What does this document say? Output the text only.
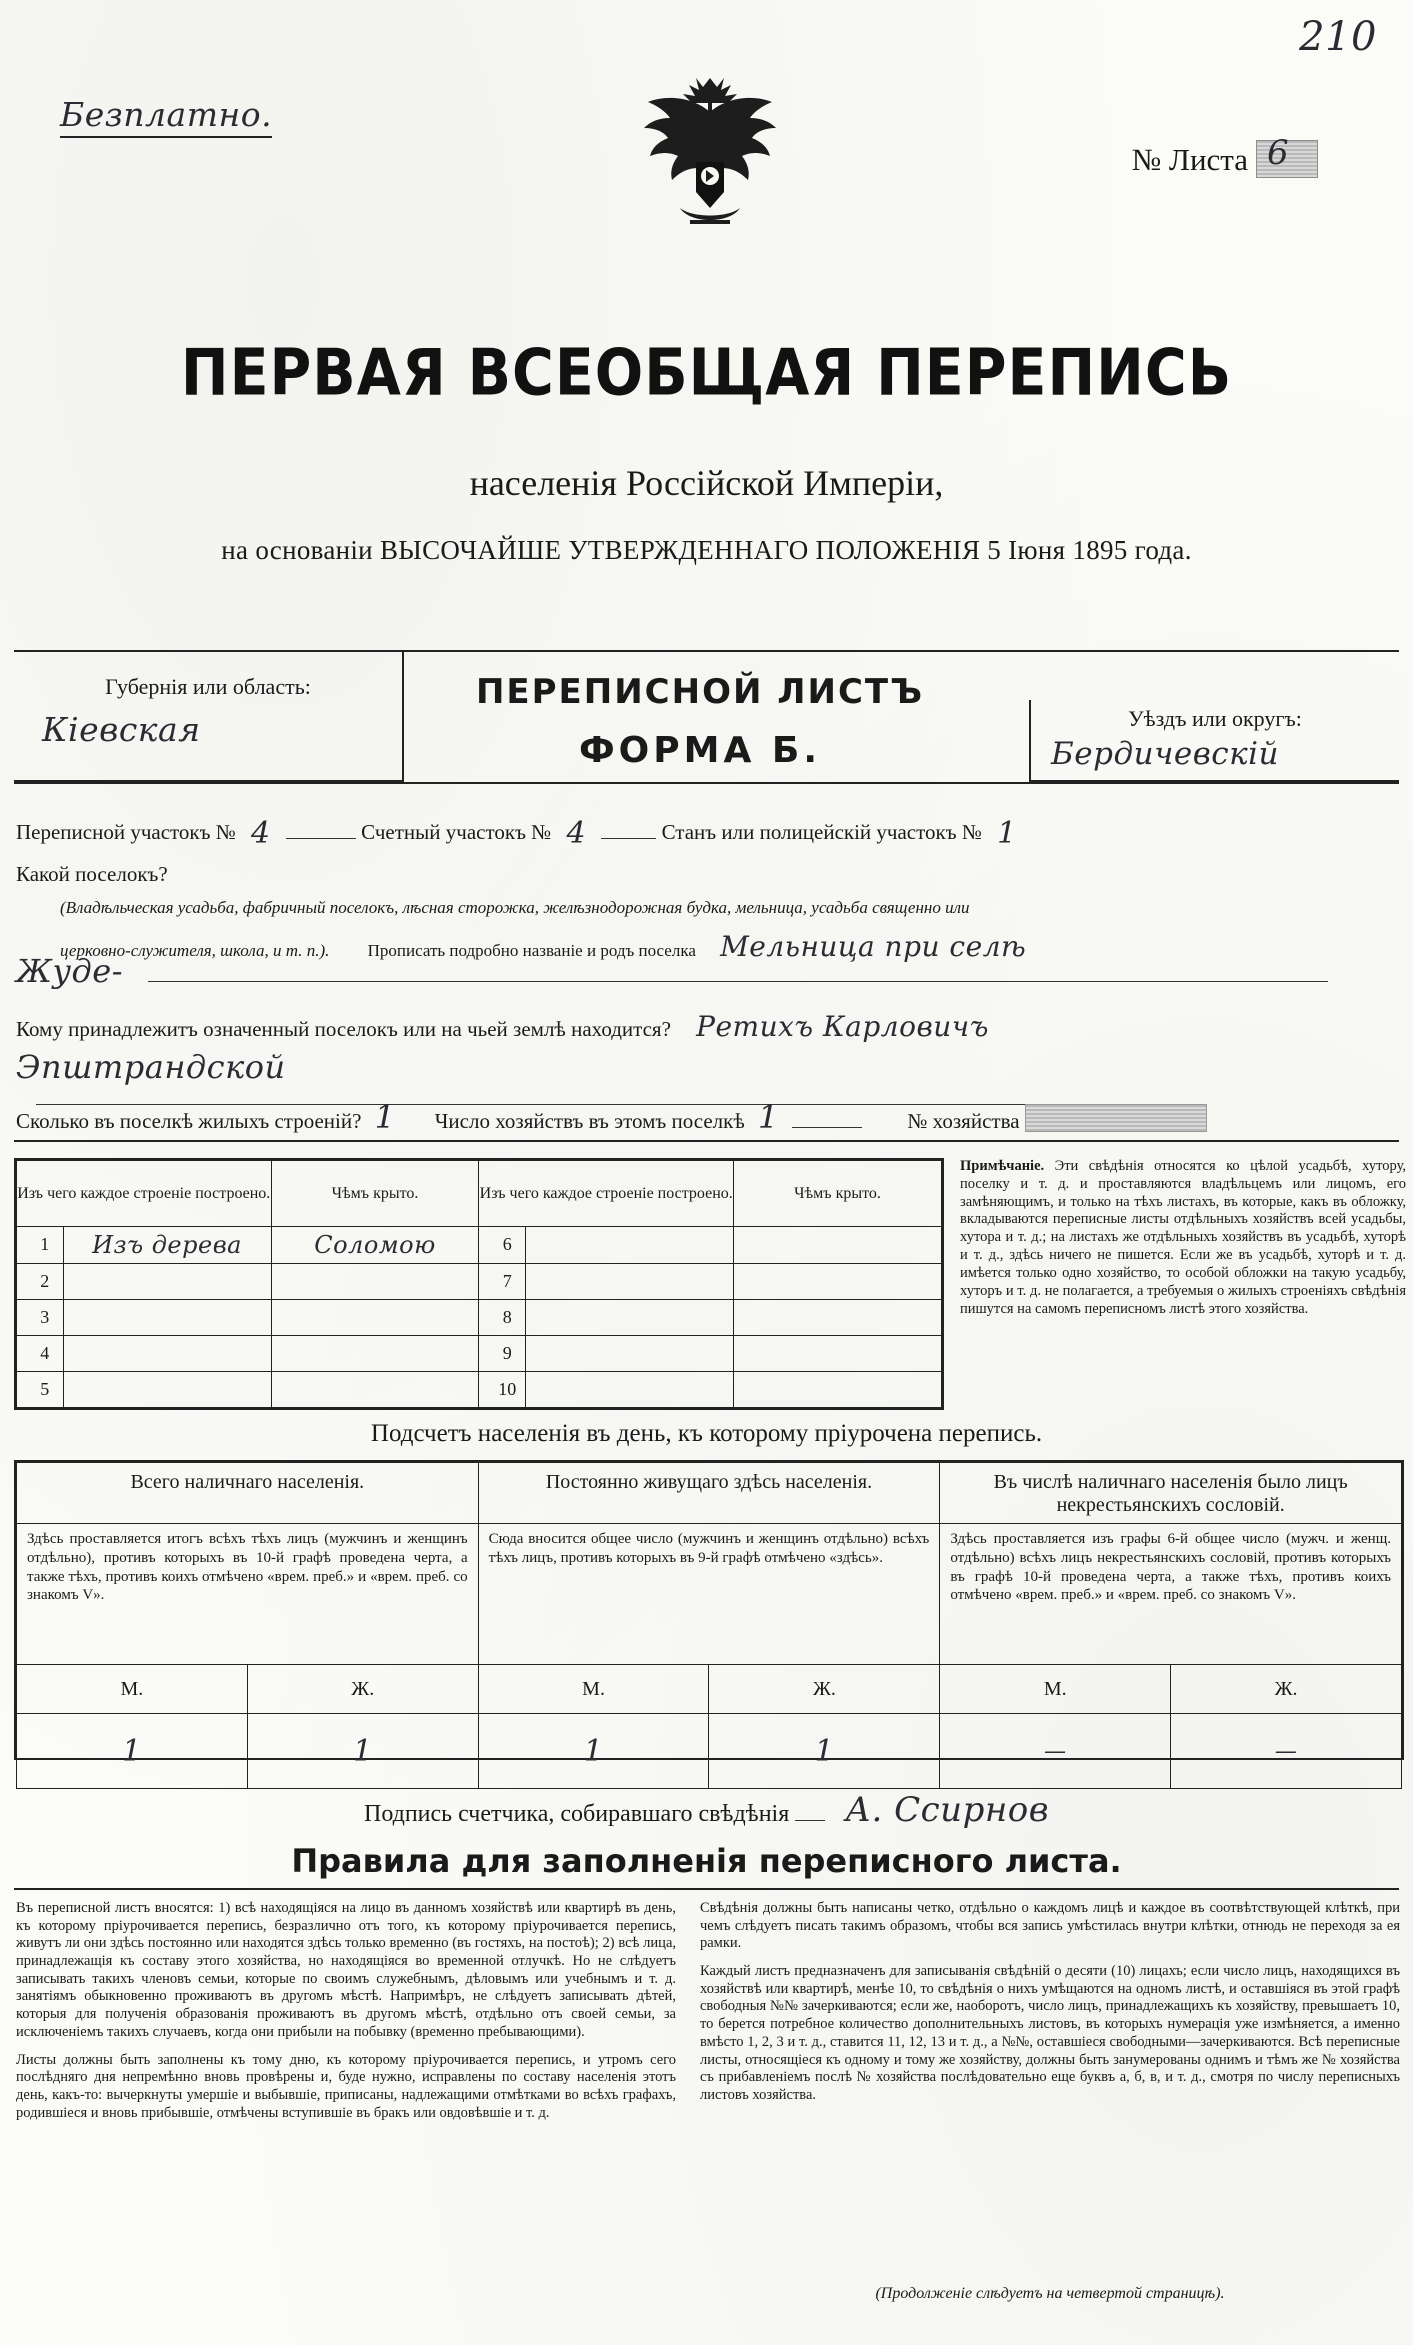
210
Безплатно.
№ Листа 6
ПЕРВАЯ ВСЕОБЩАЯ ПЕРЕПИСЬ
населенія Россійской Имперіи,
на основаніи ВЫСОЧАЙШЕ УТВЕРЖДЕННАГО ПОЛОЖЕНІЯ 5 Іюня 1895 года.
Губернія или область:
Кіевская
ПЕРЕПИСНОЙ ЛИСТЪ
ФОРМА Б.
Уѣздъ или округъ:
Бердичевскій
Переписной участокъ № 4	Счетный участокъ № 4	Станъ или полицейскій участокъ № 1
Какой поселокъ?
(Владѣльческая усадьба, фабричный поселокъ, лѣсная сторожка, желѣзнодорожная будка, мельница, усадьба священно или
церковно-служителя, школа, и т. п.). Прописать подробно названіе и родъ поселка Мельница при селѣ
Жуде-
Кому принадлежитъ означенный поселокъ или на чьей землѣ находится? Ретихъ Карловичъ
Эпштрандской
Сколько въ поселкѣ жилыхъ строеній? 1 Число хозяйствъ въ этомъ поселкѣ 1	№ хозяйства
Изъ чего каждое строеніе построено.		Чѣмъ крыто.	Изъ чего каждое строеніе построено.		Чѣмъ крыто.
1	Изъ дерева	Соломою	6		
2			7		
3			8		
4			9		
5			10		
Примѣчаніе. Эти свѣдѣнія относятся ко цѣлой усадьбѣ, хутору, поселку и т. д. и проставляются владѣльцемъ или лицомъ, его замѣняющимъ, и только на тѣхъ листахъ, въ которые, какъ въ обложку, вкладываются переписные листы отдѣльныхъ хозяйствъ всей усадьбы, хутора и т. д.; на листахъ же отдѣльныхъ хозяйствъ въ усадьбѣ, хуторѣ и т. д., здѣсь ничего не пишется. Если же въ усадьбѣ, хуторѣ и т. д. имѣется только одно хозяйство, то особой обложки на такую усадьбу, хуторъ и т. д. не полагается, а требуемыя о жилыхъ строеніяхъ свѣдѣнія пишутся на самомъ переписномъ листѣ этого хозяйства.
Подсчетъ населенія въ день, къ которому пріурочена перепись.
Всего наличнаго населенія.		Постоянно живущаго здѣсь населенія.		Въ числѣ наличнаго населенія было лицъ некрестьянскихъ сословій.	
Здѣсь проставляется итогъ всѣхъ тѣхъ лицъ (мужчинъ и женщинъ отдѣльно), противъ которыхъ въ 10-й графѣ проведена черта, а также тѣхъ, противъ коихъ отмѣчено «врем. преб.» и «врем. преб. со знакомъ V».		Сюда вносится общее число (мужчинъ и женщинъ отдѣльно) всѣхъ тѣхъ лицъ, противъ которыхъ въ 9-й графѣ отмѣчено «здѣсь».		Здѣсь проставляется изъ графы 6-й общее число (мужч. и женщ. отдѣльно) всѣхъ лицъ некрестьянскихъ сословій, противъ которыхъ въ графѣ 10-й проведена черта, а также тѣхъ, противъ коихъ отмѣчено «врем. преб.» и «врем. преб. со знакомъ V».	
М.	Ж.	М.	Ж.	М.	Ж.
1	1	1	1	—	—
Подпись счетчика, собиравшаго свѣдѣнія А. Ссирнов
Правила для заполненія переписного листа.
Въ переписной листъ вносятся: 1) всѣ находящіяся на лицо въ данномъ хозяйствѣ или квартирѣ въ день, къ которому пріурочивается перепись, безразлично отъ того, къ которому пріурочивается перепись, живутъ ли они здѣсь постоянно или находятся здѣсь только временно (въ гостяхъ, на постоѣ); 2) всѣ лица, принадлежащія къ составу этого хозяйства, но находящіяся во временной отлучкѣ. Но не слѣдуетъ записывать такихъ членовъ семьи, которые по своимъ служебнымъ, дѣловымъ или учебнымъ и т. д. занятіямъ обыкновенно проживаютъ въ другомъ мѣстѣ. Напримѣръ, не слѣдуетъ записывать дѣтей, которыя для полученія образованія проживаютъ въ другомъ мѣстѣ, отдѣльно отъ своей семьи, за исключеніемъ такихъ случаевъ, когда они прибыли на побывку (временно пребывающими).
Листы должны быть заполнены къ тому дню, къ которому пріурочивается перепись, и утромъ сего послѣдняго дня непремѣнно вновь провѣрены и, буде нужно, исправлены по составу населенія этотъ день, какъ-то: вычеркнуты умершіе и выбывшіе, приписаны, надлежащими отмѣтками во всѣхъ графахъ, родившіеся и вновь прибывшіе, отмѣчены вступившіе въ бракъ или овдовѣвшіе и т. д.
Свѣдѣнія должны быть написаны четко, отдѣльно о каждомъ лицѣ и каждое въ соотвѣтствующей клѣткѣ, при чемъ слѣдуетъ писать такимъ образомъ, чтобы вся запись умѣстилась внутри клѣтки, отнюдь не переходя за ея рамки.
Каждый листъ предназначенъ для записыванія свѣдѣній о десяти (10) лицахъ; если число лицъ, находящихся въ хозяйствѣ или квартирѣ, менѣе 10, то свѣдѣнія о нихъ умѣщаются на одномъ листѣ, и оставшіяся въ этой графѣ свободныя №№ зачеркиваются; если же, наоборотъ, число лицъ, принадлежащихъ къ хозяйству, превышаетъ 10, то берется потребное количество дополнительныхъ листовъ, въ которыхъ нумерація уже измѣняется, а именно вмѣсто 1, 2, 3 и т. д., ставится 11, 12, 13 и т. д., а №№, оставшіеся свободными—зачеркиваются. Всѣ переписные листы, относящіеся къ одному и тому же хозяйству, должны быть занумерованы однимъ и тѣмъ же № хозяйства съ прибавленіемъ послѣ № хозяйства послѣдовательно еще буквъ а, б, в, и т. д., смотря по числу переписныхъ листовъ хозяйства.
(Продолженіе слѣдуетъ на четвертой страницѣ).
